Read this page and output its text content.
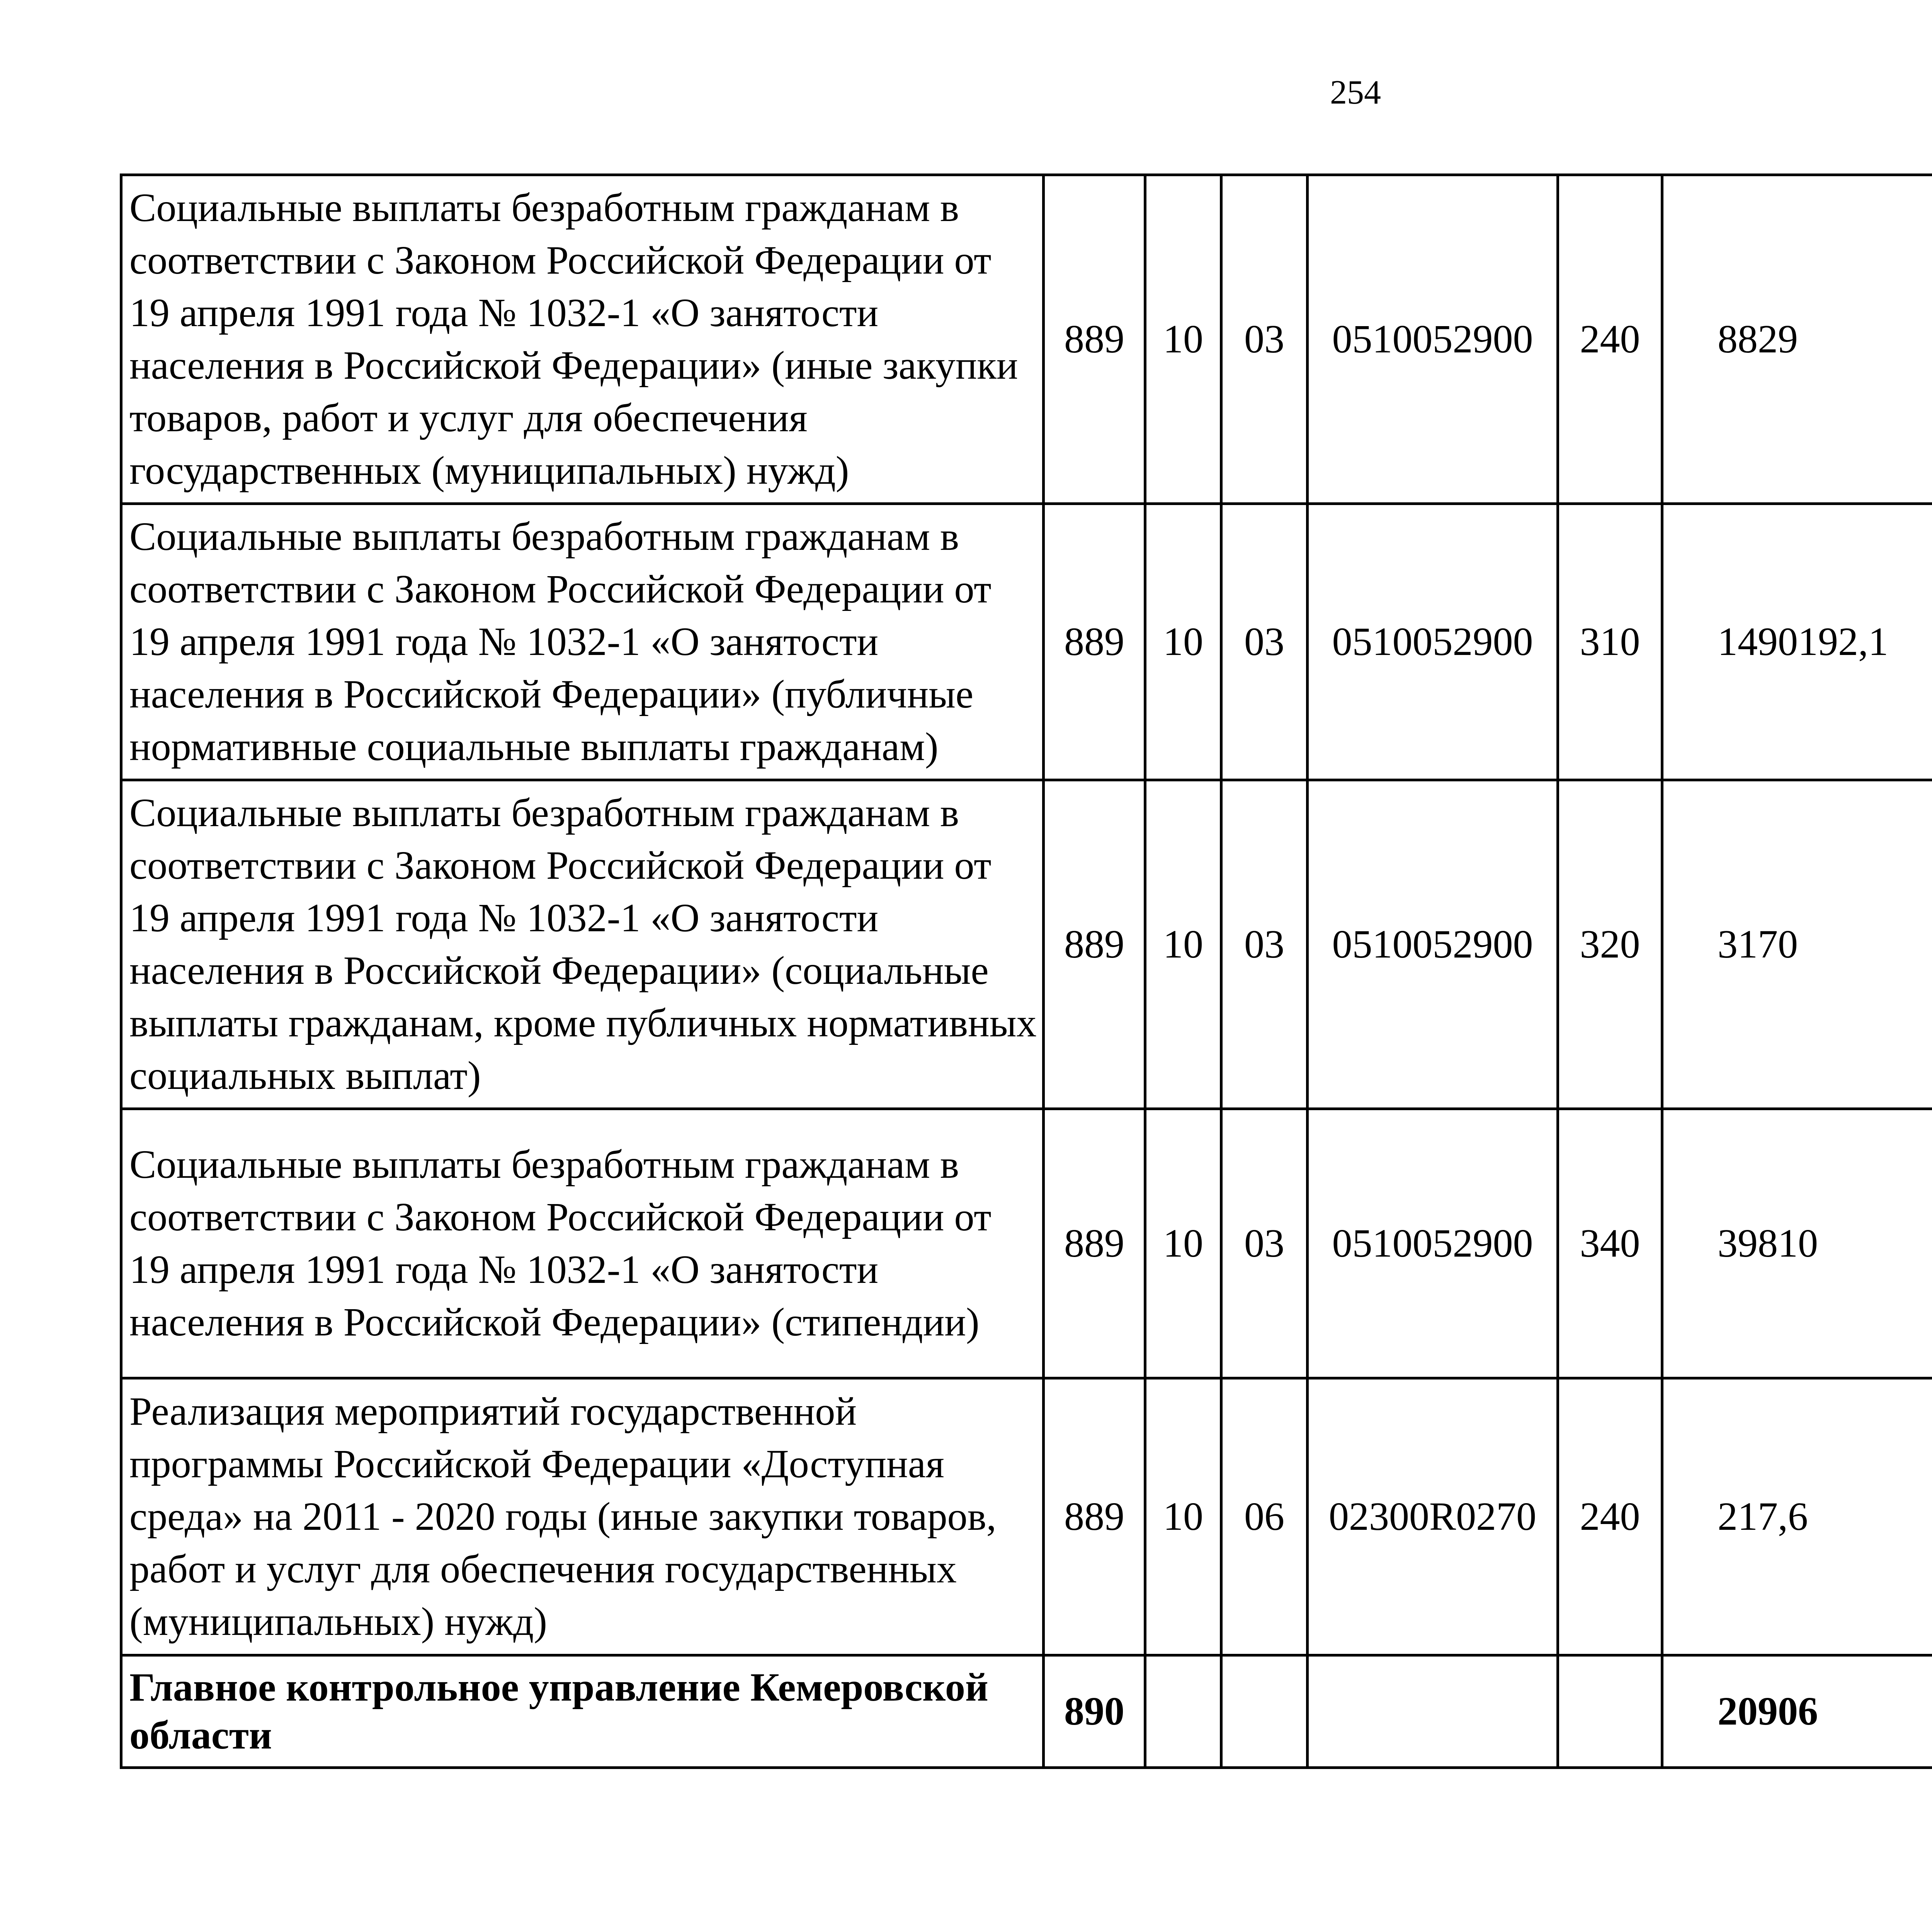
254
Социальные выплаты безработным гражданам в соответствии с Законом Российской Федерации от 19 апреля 1991 года № 1032-1 «О занятости населения в Российской Федерации» (иные закупки товаров, работ и услуг для обеспечения государственных (муниципальных) нужд)	889	10	03	0510052900	240	8829		
Социальные выплаты безработным гражданам в соответствии с Законом Российской Федерации от 19 апреля 1991 года № 1032-1 «О занятости населения в Российской Федерации» (публичные нормативные социальные выплаты гражданам)	889	10	03	0510052900	310	1490192,1		
Социальные выплаты безработным гражданам в соответствии с Законом Российской Федерации от 19 апреля 1991 года № 1032-1 «О занятости населения в Российской Федерации» (социальные выплаты гражданам, кроме публичных нормативных социальных выплат)	889	10	03	0510052900	320	3170		
Социальные выплаты безработным гражданам в соответствии с Законом Российской Федерации от 19 апреля 1991 года № 1032-1 «О занятости населения в Российской Федерации» (стипендии)	889	10	03	0510052900	340	39810		
Реализация мероприятий государственной программы Российской Федерации «Доступная среда» на 2011 - 2020 годы (иные закупки товаров, работ и услуг для обеспечения государственных (муниципальных) нужд)	889	10	06	02300R0270	240	217,6		
Главное контрольное управление Кемеровской области	890					20906		
